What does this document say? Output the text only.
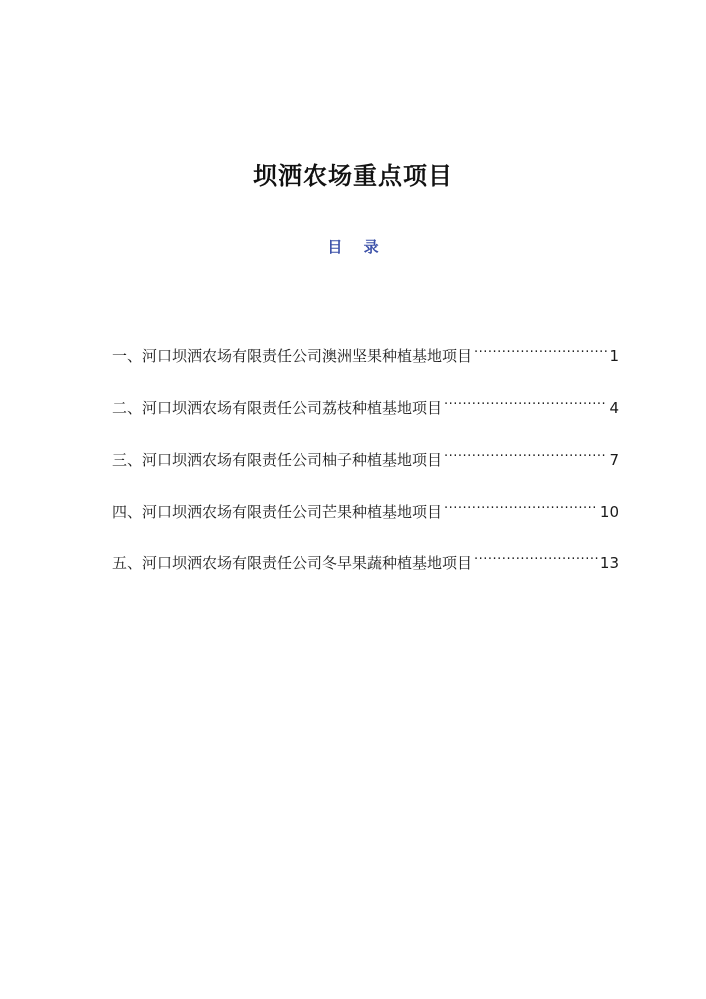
坝洒农场重点项目
目 录
一、河口坝洒农场有限责任公司澳洲坚果种植基地项目 .....	1
二、河口坝洒农场有限责任公司荔枝种植基地项目 .....	4
三、河口坝洒农场有限责任公司柚子种植基地项目 .....	7
四、河口坝洒农场有限责任公司芒果种植基地项目 .....	10
五、河口坝洒农场有限责任公司冬早果蔬种植基地项目 .....	13
